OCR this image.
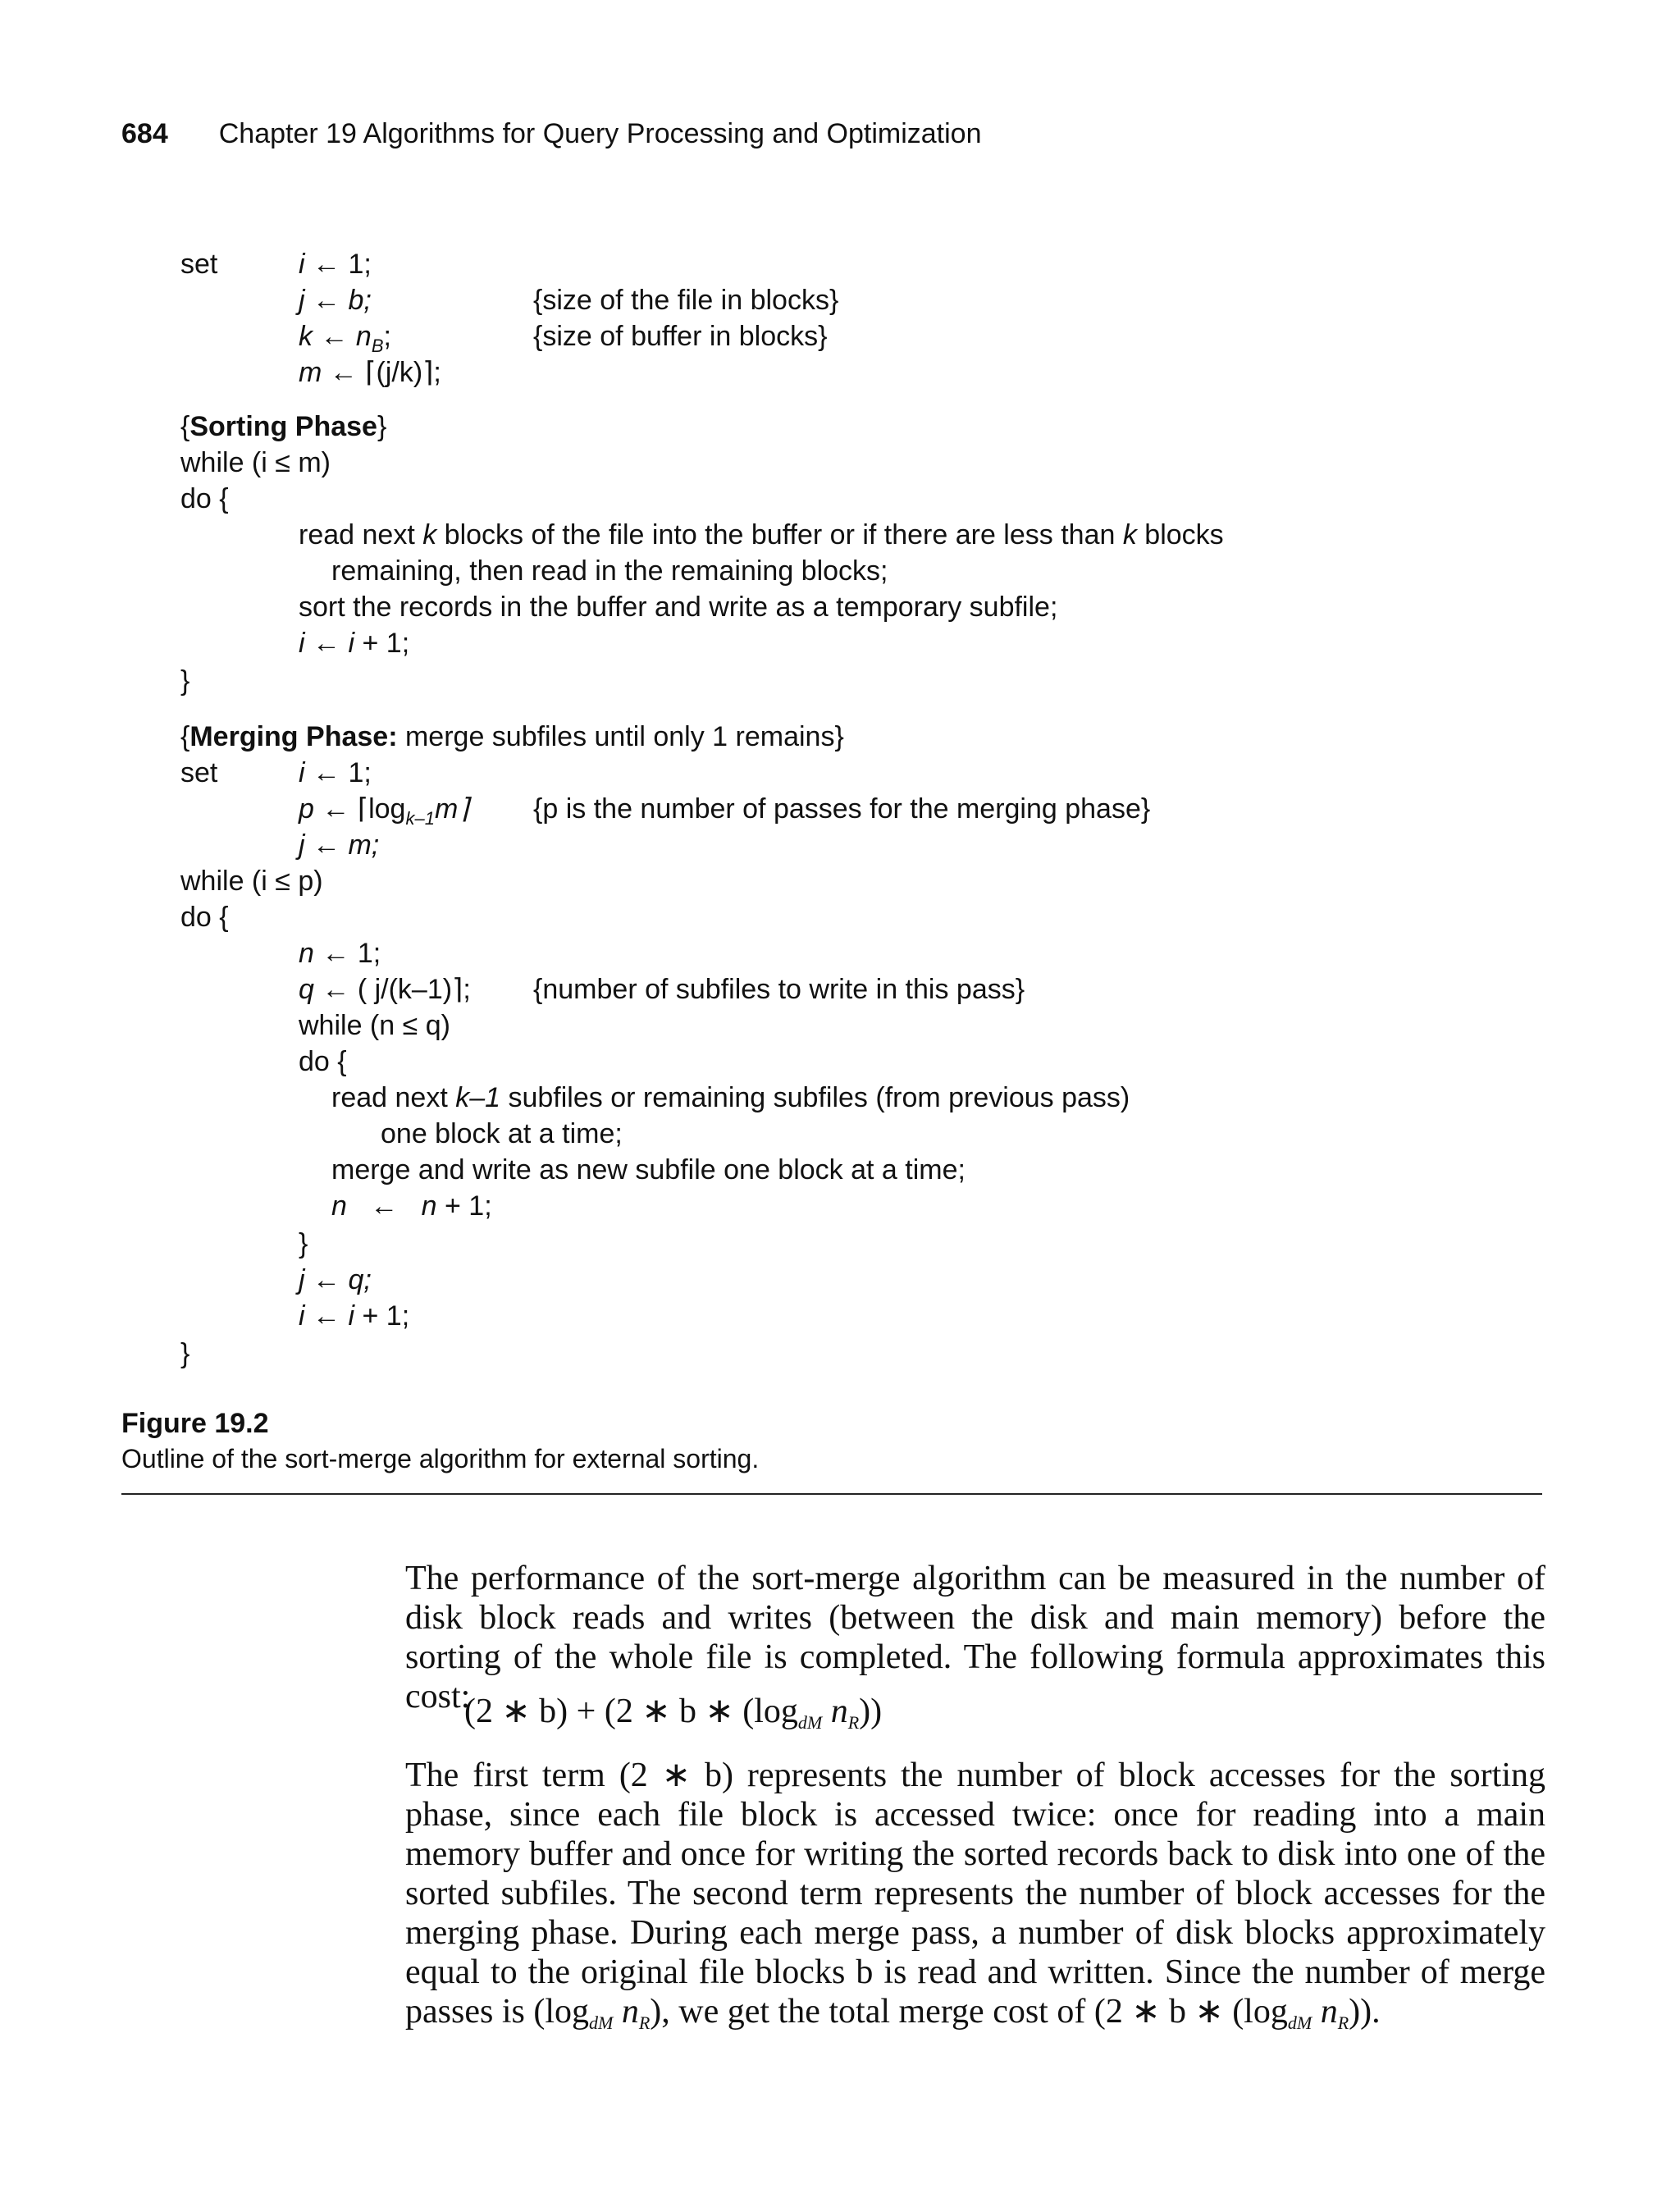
684 Chapter 19 Algorithms for Query Processing and Optimization
set	i ← 1;
j ← b;	{size of the file in blocks}
k ← $n_B$;	{size of buffer in blocks}
m ← ⌈(j/k)⌉;
{Sorting Phase}
while (i ≤ m)
do {
read next k blocks of the file into the buffer or if there are less than k blocks
remaining, then read in the remaining blocks;
sort the records in the buffer and write as a temporary subfile;
i ← i + 1;
}
{Merging Phase: merge subfiles until only 1 remains}
set	i ← 1;
p ← $⌈\log_{k-1}m⌉$ {p is the number of passes for the merging phase}
j ← m;
while (i ≤ p)
do {
n ← 1;
q ← ( j/(k–1)⌉; {number of subfiles to write in this pass}
while (n ≤ q)
do {
read next k–1 subfiles or remaining subfiles (from previous pass)
one block at a time;
merge and write as new subfile one block at a time;
n ← n + 1;
}
j ← q;
i ← i + 1;
}
Figure 19.2
Outline of the sort-merge algorithm for external sorting.
The performance of the sort-merge algorithm can be measured in the number of disk block reads and writes (between the disk and main memory) before the sorting of the whole file is completed. The following formula approximates this cost:
(2 ∗ b) + (2 ∗ b ∗ ($\log_{dM}$ $n_R$))
The first term (2 ∗ b) represents the number of block accesses for the sorting phase, since each file block is accessed twice: once for reading into a main memory buffer and once for writing the sorted records back to disk into one of the sorted subfiles. The second term represents the number of block accesses for the merging phase. During each merge pass, a number of disk blocks approximately equal to the original file blocks b is read and written. Since the number of merge passes is ($\log_{dM}$ $n_R$), we get the total merge cost of (2 ∗ b ∗ ($\log_{dM}$ $n_R$)).
